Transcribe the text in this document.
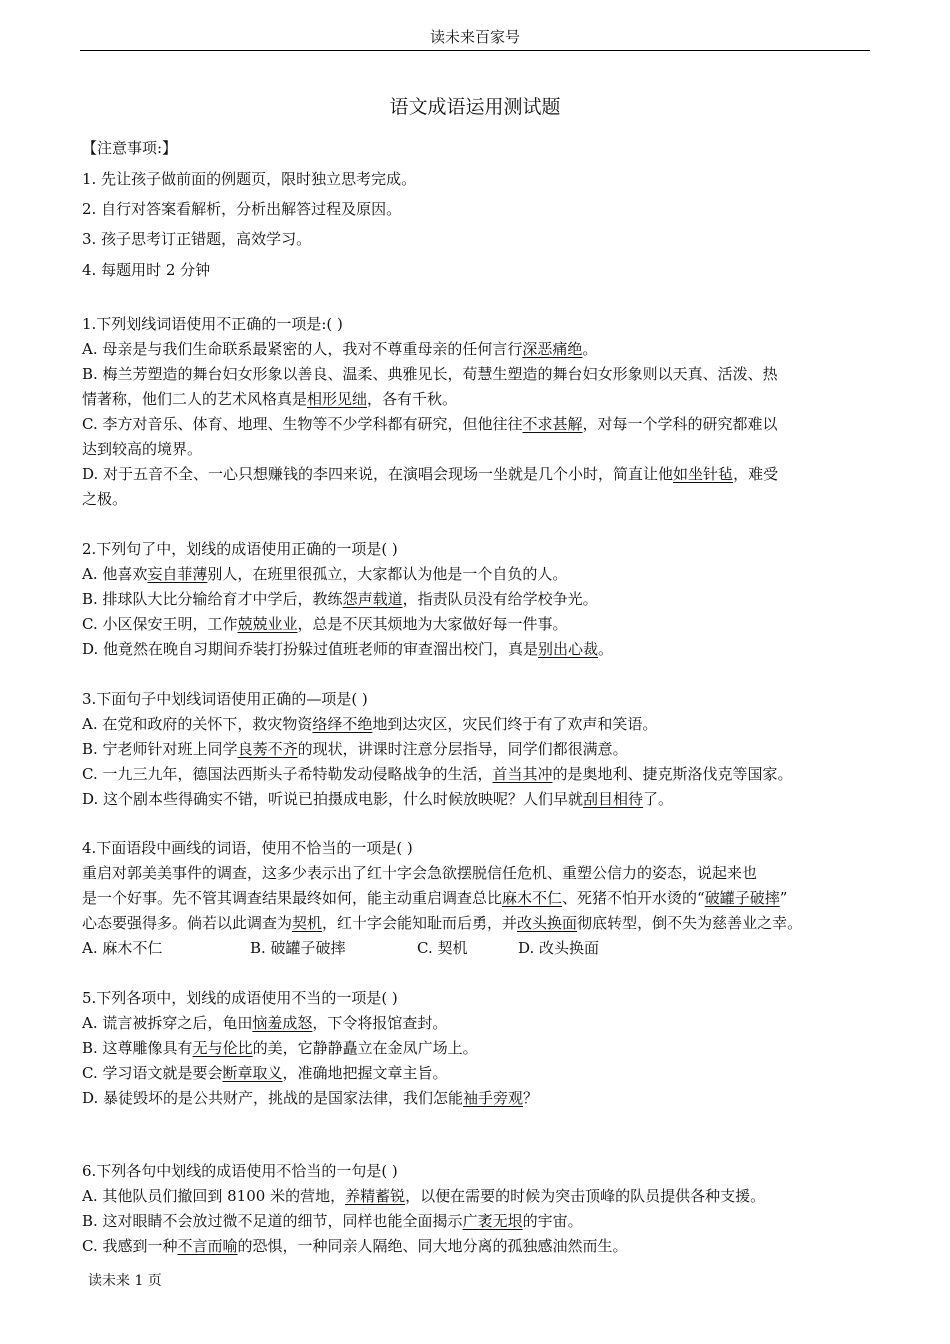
读未来百家号
语文成语运用测试题
【注意事项:】
1. 先让孩子做前面的例题页，限时独立思考完成。
2. 自行对答案看解析，分析出解答过程及原因。
3. 孩子思考订正错题，高效学习。
4. 每题用时 2 分钟
1.下列划线词语使用不正确的一项是:( )
A. 母亲是与我们生命联系最紧密的人，我对不尊重母亲的任何言行深恶痛绝。
B. 梅兰芳塑造的舞台妇女形象以善良、温柔、典雅见长，荀慧生塑造的舞台妇女形象则以天真、活泼、热
情著称，他们二人的艺术风格真是相形见绌，各有千秋。
C. 李方对音乐、体育、地理、生物等不少学科都有研究，但他往往不求甚解，对每一个学科的研究都难以
达到较高的境界。
D. 对于五音不全、一心只想赚钱的李四来说，在演唱会现场一坐就是几个小时，简直让他如坐针毡，难受
之极。
2.下列句了中，划线的成语使用正确的一项是( )
A. 他喜欢妄自菲薄别人，在班里很孤立，大家都认为他是一个自负的人。
B. 排球队大比分输给育才中学后，教练怨声载道，指责队员没有给学校争光。
C. 小区保安王明，工作兢兢业业，总是不厌其烦地为大家做好每一件事。
D. 他竟然在晚自习期间乔装打扮躲过值班老师的审查溜出校门，真是别出心裁。
3.下面句子中划线词语使用正确的—项是( )
A. 在党和政府的关怀下，救灾物资络绎不绝地到达灾区，灾民们终于有了欢声和笑语。
B. 宁老师针对班上同学良莠不齐的现状，讲课时注意分层指导，同学们都很满意。
C. 一九三九年，德国法西斯头子希特勒发动侵略战争的生活，首当其冲的是奥地利、捷克斯洛伐克等国家。
D. 这个剧本些得确实不错，听说已拍摄成电影，什么时候放映呢？人们早就刮目相待了。
4.下面语段中画线的词语，使用不恰当的一项是( )
重启对郭美美事件的调查，这多少表示出了红十字会急欲摆脱信任危机、重塑公信力的姿态，说起来也
是一个好事。先不管其调查结果最终如何，能主动重启调查总比麻木不仁、死猪不怕开水烫的“破罐子破摔”
心态要强得多。倘若以此调查为契机，红十字会能知耻而后勇，并改头换面彻底转型，倒不失为慈善业之幸。
A. 麻木不仁	B. 破罐子破摔	C. 契机	D. 改头换面
5.下列各项中，划线的成语使用不当的一项是( )
A. 谎言被拆穿之后，龟田恼羞成怒，下令将报馆查封。
B. 这尊雕像具有无与伦比的美，它静静矗立在金凤广场上。
C. 学习语文就是要会断章取义，准确地把握文章主旨。
D. 暴徒毁坏的是公共财产，挑战的是国家法律，我们怎能袖手旁观？
6.下列各句中划线的成语使用不恰当的一句是( )
A. 其他队员们撤回到 8100 米的营地，养精蓄锐，以便在需要的时候为突击顶峰的队员提供各种支援。
B. 这对眼睛不会放过微不足道的细节，同样也能全面揭示广袤无垠的宇宙。
C. 我感到一种不言而喻的恐惧，一种同亲人隔绝、同大地分离的孤独感油然而生。
读未来 1 页
